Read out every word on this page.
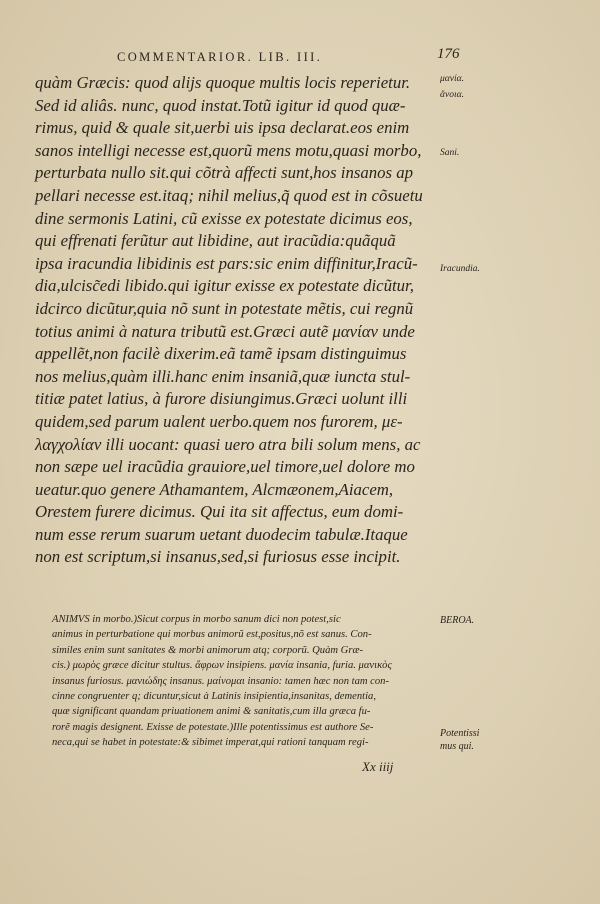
COMMENTARIOR. LIB. III.	176
quàm Græcis: quod alijs quoque multis locis reperietur.
Sed id aliâs. nunc, quod instat.Totũ igitur id quod quæ-
rimus, quid & quale sit,uerbi uis ipsa declarat.eos enim
sanos intelligi necesse est,quorũ mens motu,quasi morbo,
perturbata nullo sit.qui cõtrà affecti sunt,hos insanos ap
pellari necesse est.itaq; nihil melius,q̃ quod est in cõsuetu
dine sermonis Latini, cũ exisse ex potestate dicimus eos,
qui effrenati ferũtur aut libidine, aut iracũdia:quãquã
ipsa iracundia libidinis est pars:sic enim diffinitur,Iracũ-
dia,ulcisc̃edi libido.qui igitur exisse ex potestate dicũtur,
idcirco dicũtur,quia nõ sunt in potestate mẽtis, cui regnũ
totius animi à natura tributũ est.Græci autẽ μανίαν unde
appellẽt,non facilè dixerim.eã tamẽ ipsam distinguimus
nos melius,quàm illi.hanc enim insaniã,quæ iuncta stul-
titiæ patet latius, à furore disiungimus.Græci uolunt illi
quidem,sed parum ualent uerbo.quem nos furorem, με-
λαγχολίαν illi uocant: quasi uero atra bili solum mens, ac
non sæpe uel iracũdia grauiore,uel timore,uel dolore mo
ueatur.quo genere Athamantem, Alcmæonem,Aiacem,
Orestem furere dicimus. Qui ita sit affectus, eum domi-
num esse rerum suarum uetant duodecim tabulæ.Itaque
non est scriptum,si insanus,sed,si furiosus esse incipit.
μανία.
ἄνοια.
Sani.
Iracundia.
ANIMVS in morbo.)Sicut corpus in morbo sanum dici non potest,sic
animus in perturbatione qui morbus animorũ est,positus,nõ est sanus. Con-
similes enim sunt sanitates & morbi animorum atq; corporũ. Quàm Græ-
cis.) μωρὸς græce dicitur stultus. ἄφρων insipiens. μανία insania, furia. μανικὸς
insanus furiosus. μανιώδης insanus. μαίνομαι insanio: tamen hæc non tam con-
cinne congruenter q; dicuntur,sicut à Latinis insipientia,insanitas, dementia,
quæ significant quandam priuationem animi & sanitatis,cum illa græca fu-
rorẽ magis designent. Exisse de potestate.)Ille potentissimus est authore Se-
neca,qui se habet in potestate:& sibimet imperat,qui rationi tanquam regi-
BEROA.
Potentissi
mus qui.
Xx iiij
